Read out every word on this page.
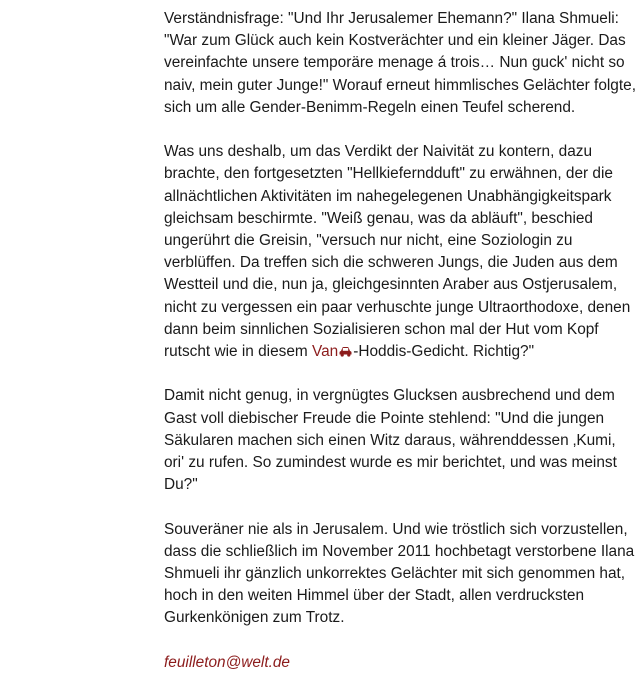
Verständnisfrage: "Und Ihr Jerusalemer Ehemann?" Ilana Shmueli: "War zum Glück auch kein Kostverächter und ein kleiner Jäger. Das vereinfachte unsere temporäre menage á trois… Nun guck' nicht so naiv, mein guter Junge!" Worauf erneut himmlisches Gelächter folgte, sich um alle Gender-Benimm-Regeln einen Teufel scherend.

Was uns deshalb, um das Verdikt der Naivität zu kontern, dazu brachte, den fortgesetzten "Hellkieferndduft" zu erwähnen, der die allnächtlichen Aktivitäten im nahegelegenen Unabhängigkeitspark gleichsam beschirmte. "Weiß genau, was da abläuft", beschied ungerührt die Greisin, "versuch nur nicht, eine Soziologin zu verblüffen. Da treffen sich die schweren Jungs, die Juden aus dem Westteil und die, nun ja, gleichgesinnten Araber aus Ostjerusalem, nicht zu vergessen ein paar verhuschte junge Ultraorthodoxe, denen dann beim sinnlichen Sozialisieren schon mal der Hut vom Kopf rutscht wie in diesem Van -Hoddis-Gedicht. Richtig?"

Damit nicht genug, in vergnügtes Glucksen ausbrechend und dem Gast voll diebischer Freude die Pointe stehlend: "Und die jungen Säkularen machen sich einen Witz daraus, währenddessen ‚Kumi, ori' zu rufen. So zumindest wurde es mir berichtet, und was meinst Du?"

Souveräner nie als in Jerusalem. Und wie tröstlich sich vorzustellen, dass die schließlich im November 2011 hochbetagt verstorbene Ilana Shmueli ihr gänzlich unkorrektes Gelächter mit sich genommen hat, hoch in den weiten Himmel über der Stadt, allen verdrucksten Gurkenkönigen zum Trotz.

feuilleton@welt.de
